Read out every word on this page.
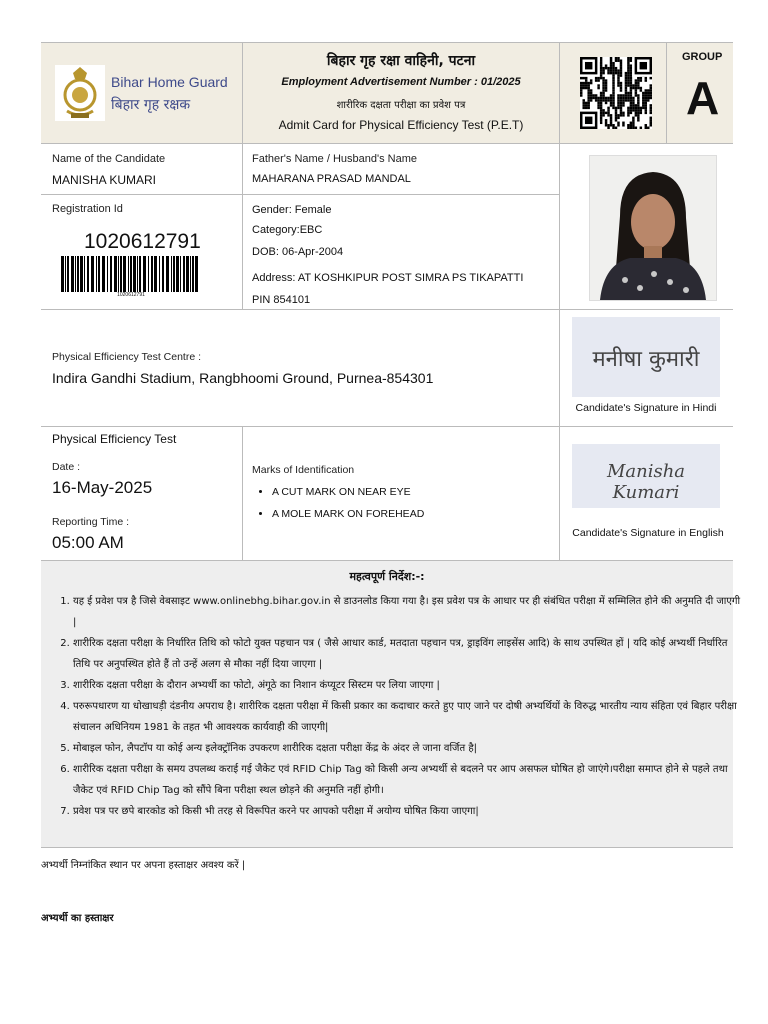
Bihar Home Guard
बिहार गृह रक्षक
बिहार गृह रक्षा वाहिनी, पटना
Employment Advertisement Number : 01/2025
शारीरिक दक्षता परीक्षा का प्रवेश पत्र
Admit Card for Physical Efficiency Test (P.E.T)
GROUP
A
Name of the Candidate
MANISHA KUMARI
Father's Name / Husband's Name
MAHARANA PRASAD MANDAL
Registration Id
1020612791
1020612791
Gender: Female
Category:EBC
DOB: 06-Apr-2004
Address: AT KOSHKIPUR POST SIMRA PS TIKAPATTI PIN 854101
Physical Efficiency Test Centre :
Indira Gandhi Stadium, Rangbhoomi Ground, Purnea-854301
मनीषा कुमारी
Candidate's Signature in Hindi
Physical Efficiency Test
Date :
16-May-2025
Reporting Time :
05:00 AM
Marks of Identification	Manisha Kumari
Candidate's Signature in English
• A CUT MARK ON NEAR EYE
• A MOLE MARK ON FOREHEAD
महत्वपूर्ण निर्देश:-:
1. यह ई प्रवेश पत्र है जिसे वेबसाइट www.onlinebhg.bihar.gov.in से डाउनलोड किया गया है। इस प्रवेश पत्र के आधार पर ही संबंधित परीक्षा में सम्मिलित होने की अनुमति दी जाएगी |
2. शारीरिक दक्षता परीक्षा के निर्धारित तिथि को फोटो युक्त पहचान पत्र ( जैसे आधार कार्ड, मतदाता पहचान पत्र, ड्राइविंग लाइसेंस आदि) के साथ उपस्थित हों | यदि कोई अभ्यर्थी निर्धारित तिथि पर अनुपस्थित होते हैं तो उन्हें अलग से मौका नहीं दिया जाएगा |
3. शारीरिक दक्षता परीक्षा के दौरान अभ्यर्थी का फोटो, अंगूठे का निशान कंप्यूटर सिस्टम पर लिया जाएगा |
4. परुरूपधारण या धोखाधड़ी दंडनीय अपराध है। शारीरिक दक्षता परीक्षा में किसी प्रकार का कदाचार करते हुए पाए जाने पर दोषी अभ्यर्थियों के विरुद्ध भारतीय न्याय संहिता एवं बिहार परीक्षा संचालन अधिनियम 1981 के तहत भी आवश्यक कार्यवाही की जाएगी|
5. मोबाइल फोन, लैपटॉप या कोई अन्य इलेक्ट्रॉनिक उपकरण शारीरिक दक्षता परीक्षा केंद्र के अंदर ले जाना वर्जित है|
6. शारीरिक दक्षता परीक्षा के समय उपलब्ध कराई गई जैकेट एवं RFID Chip Tag को किसी अन्य अभ्यर्थी से बदलने पर आप असफल घोषित हो जाएंगे।परीक्षा समाप्त होने से पहले तथा जैकेट एवं RFID Chip Tag को सौंपे बिना परीक्षा स्थल छोड़ने की अनुमति नहीं होगी।
7. प्रवेश पत्र पर छपे बारकोड को किसी भी तरह से विरूपित करने पर आपको परीक्षा में अयोग्य घोषित किया जाएगा|
अभ्यर्थी निम्नांकित स्थान पर अपना हस्ताक्षर अवश्य करें |
अभ्यर्थी का हस्ताक्षर
